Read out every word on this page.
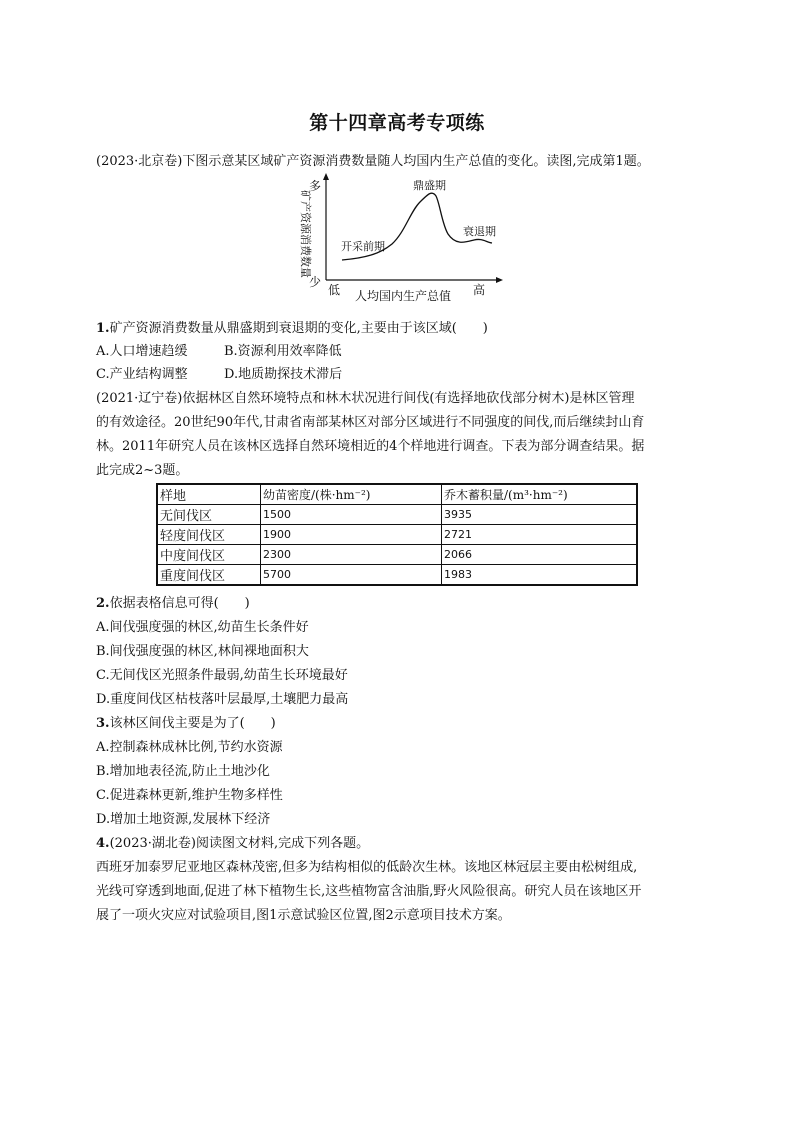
第十四章高考专项练
(2023·北京卷)下图示意某区域矿产资源消费数量随人均国内生产总值的变化。读图,完成第1题。
矿产资源消费数量
多
少
低 人均国内生产总值 高
开采前期
鼎盛期
衰退期
1.矿产资源消费数量从鼎盛期到衰退期的变化,主要由于该区域(　　)
A.人口增速趋缓	B.资源利用效率降低
C.产业结构调整	D.地质勘探技术滞后
(2021·辽宁卷)依据林区自然环境特点和林木状况进行间伐(有选择地砍伐部分树木)是林区管理
的有效途径。20世纪90年代,甘肃省南部某林区对部分区域进行不同强度的间伐,而后继续封山育
林。2011年研究人员在该林区选择自然环境相近的4个样地进行调查。下表为部分调查结果。据
此完成2~3题。
样地	幼苗密度/(株·hm⁻²)	乔木蓄积量/(m³·hm⁻²)
无间伐区	1500	3935
轻度间伐区	1900	2721
中度间伐区	2300	2066
重度间伐区	5700	1983
2.依据表格信息可得(　　)
A.间伐强度强的林区,幼苗生长条件好
B.间伐强度强的林区,林间裸地面积大
C.无间伐区光照条件最弱,幼苗生长环境最好
D.重度间伐区枯枝落叶层最厚,土壤肥力最高
3.该林区间伐主要是为了(　　)
A.控制森林成林比例,节约水资源
B.增加地表径流,防止土地沙化
C.促进森林更新,维护生物多样性
D.增加土地资源,发展林下经济
4.(2023·湖北卷)阅读图文材料,完成下列各题。
西班牙加泰罗尼亚地区森林茂密,但多为结构相似的低龄次生林。该地区林冠层主要由松树组成,
光线可穿透到地面,促进了林下植物生长,这些植物富含油脂,野火风险很高。研究人员在该地区开
展了一项火灾应对试验项目,图1示意试验区位置,图2示意项目技术方案。
